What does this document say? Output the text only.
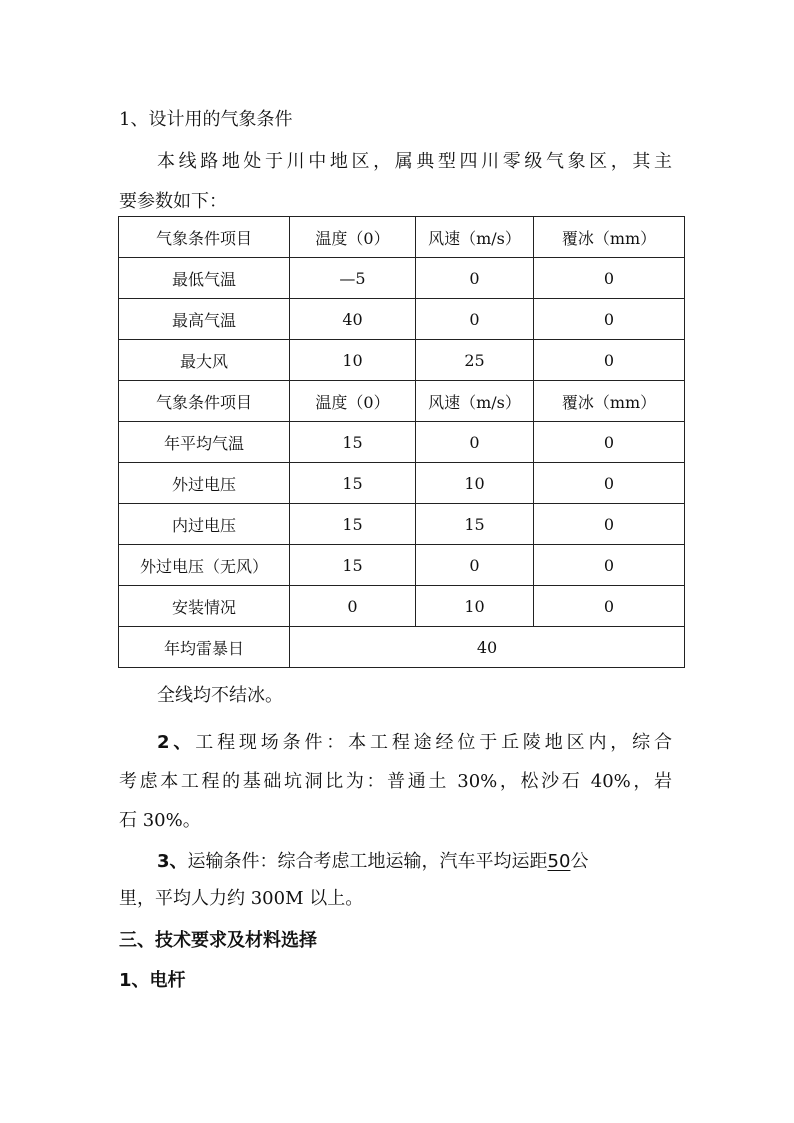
1、设计用的气象条件
本线路地处于川中地区，属典型四川零级气象区，其主
要参数如下：
气象条件项目	温度（0）	风速（m/s）	覆冰（mm）
最低气温	—5	0	0
最高气温	40	0	0
最大风	10	25	0
气象条件项目	温度（0）	风速（m/s）	覆冰（mm）
年平均气温	15	0	0
外过电压	15	10	0
内过电压	15	15	0
外过电压（无风）	15	0	0
安装情况	0	10	0
年均雷暴日	40		
全线均不结冰。
2、工程现场条件：本工程途经位于丘陵地区内，综合
考虑本工程的基础坑洞比为：普通土 30%，松沙石 40%，岩
石 30%。
3、运输条件：综合考虑工地运输，汽车平均运距50公
里，平均人力约 300M 以上。
三、技术要求及材料选择
1、电杆
